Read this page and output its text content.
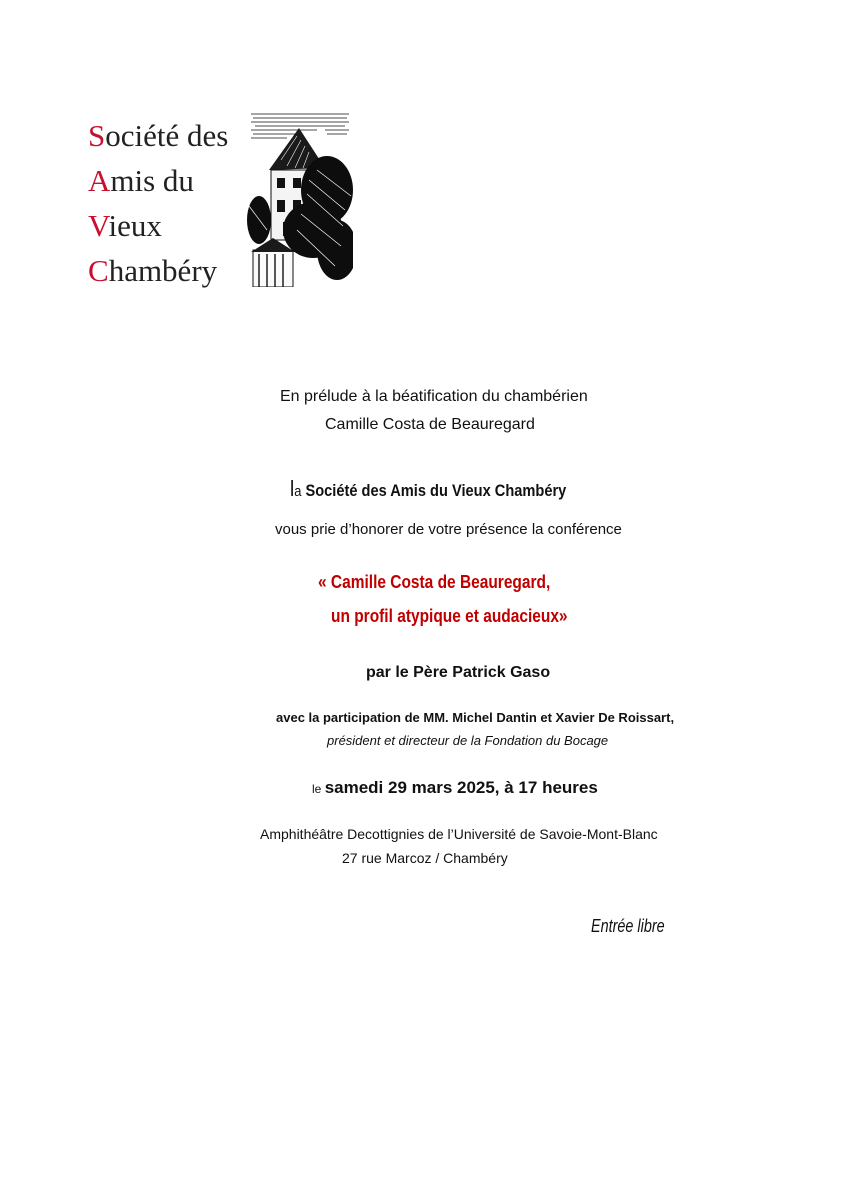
Société des
Amis du
Vieux
Chambéry
En prélude à la béatification du chambérien
Camille Costa de Beauregard
la Société des Amis du Vieux Chambéry
vous prie d’honorer de votre présence la conférence
« Camille Costa de Beauregard,
un profil atypique et audacieux»
par le Père Patrick Gaso
avec la participation de MM. Michel Dantin et Xavier De Roissart,
président et directeur de la Fondation du Bocage
le samedi 29 mars 2025, à 17 heures
Amphithéâtre Decottignies de l’Université de Savoie-Mont-Blanc
27 rue Marcoz / Chambéry
Entrée libre
